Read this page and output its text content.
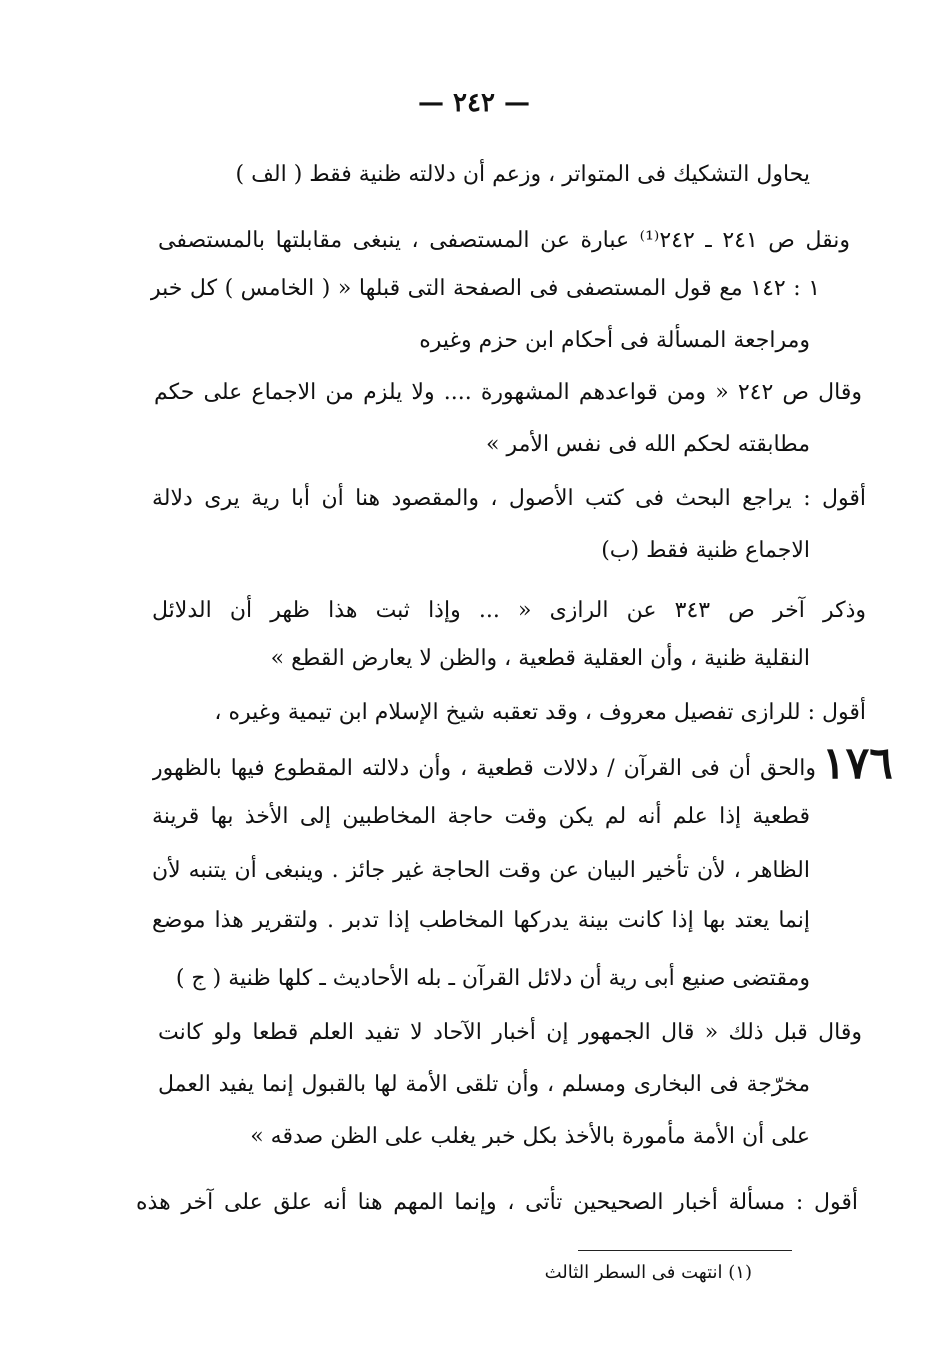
— ٢٤٢ —
١٧٦
يحاول التشكيك فى المتواتر ، وزعم أن دلالته ظنية فقط ( الف )
ونقل ص ٢٤١ ـ ٢٤٢⁽¹⁾ عبارة عن المستصفى ، ينبغى مقابلتها بالمستصفى
١ : ١٤٢ مع قول المستصفى فى الصفحة التى قبلها « ( الخامس ) كل خبر
ومراجعة المسألة فى أحكام ابن حزم وغيره
وقال ص ٢٤٢ « ومن قواعدهم المشهورة .... ولا يلزم من الاجماع على حكم
مطابقته لحكم الله فى نفس الأمر »
أقول : يراجع البحث فى كتب الأصول ، والمقصود هنا أن أبا رية يرى دلالة
الاجماع ظنية فقط (ب)
وذكر آخر ص ٣٤٣ عن الرازى « ... وإذا ثبت هذا ظهر أن الدلائل
النقلية ظنية ، وأن العقلية قطعية ، والظن لا يعارض القطع »
أقول : للرازى تفصيل معروف ، وقد تعقبه شيخ الإسلام ابن تيمية وغيره ،
والحق أن فى القرآن / دلالات قطعية ، وأن دلالته المقطوع فيها بالظهور
قطعية إذا علم أنه لم يكن وقت حاجة المخاطبين إلى الأخذ بها قرينة
الظاهر ، لأن تأخير البيان عن وقت الحاجة غير جائز . وينبغى أن يتنبه لأن
إنما يعتد بها إذا كانت بينة يدركها المخاطب إذا تدبر . ولتقرير هذا موضع
ومقتضى صنيع أبى رية أن دلائل القرآن ـ بله الأحاديث ـ كلها ظنية ( ج )
وقال قبل ذلك « قال الجمهور إن أخبار الآحاد لا تفيد العلم قطعا ولو كانت
مخرّجة فى البخارى ومسلم ، وأن تلقى الأمة لها بالقبول إنما يفيد العمل
على أن الأمة مأمورة بالأخذ بكل خبر يغلب على الظن صدقه »
أقول : مسألة أخبار الصحيحين تأتى ، وإنما المهم هنا أنه علق على آخر هذه
(١) انتهت فى السطر الثالث
